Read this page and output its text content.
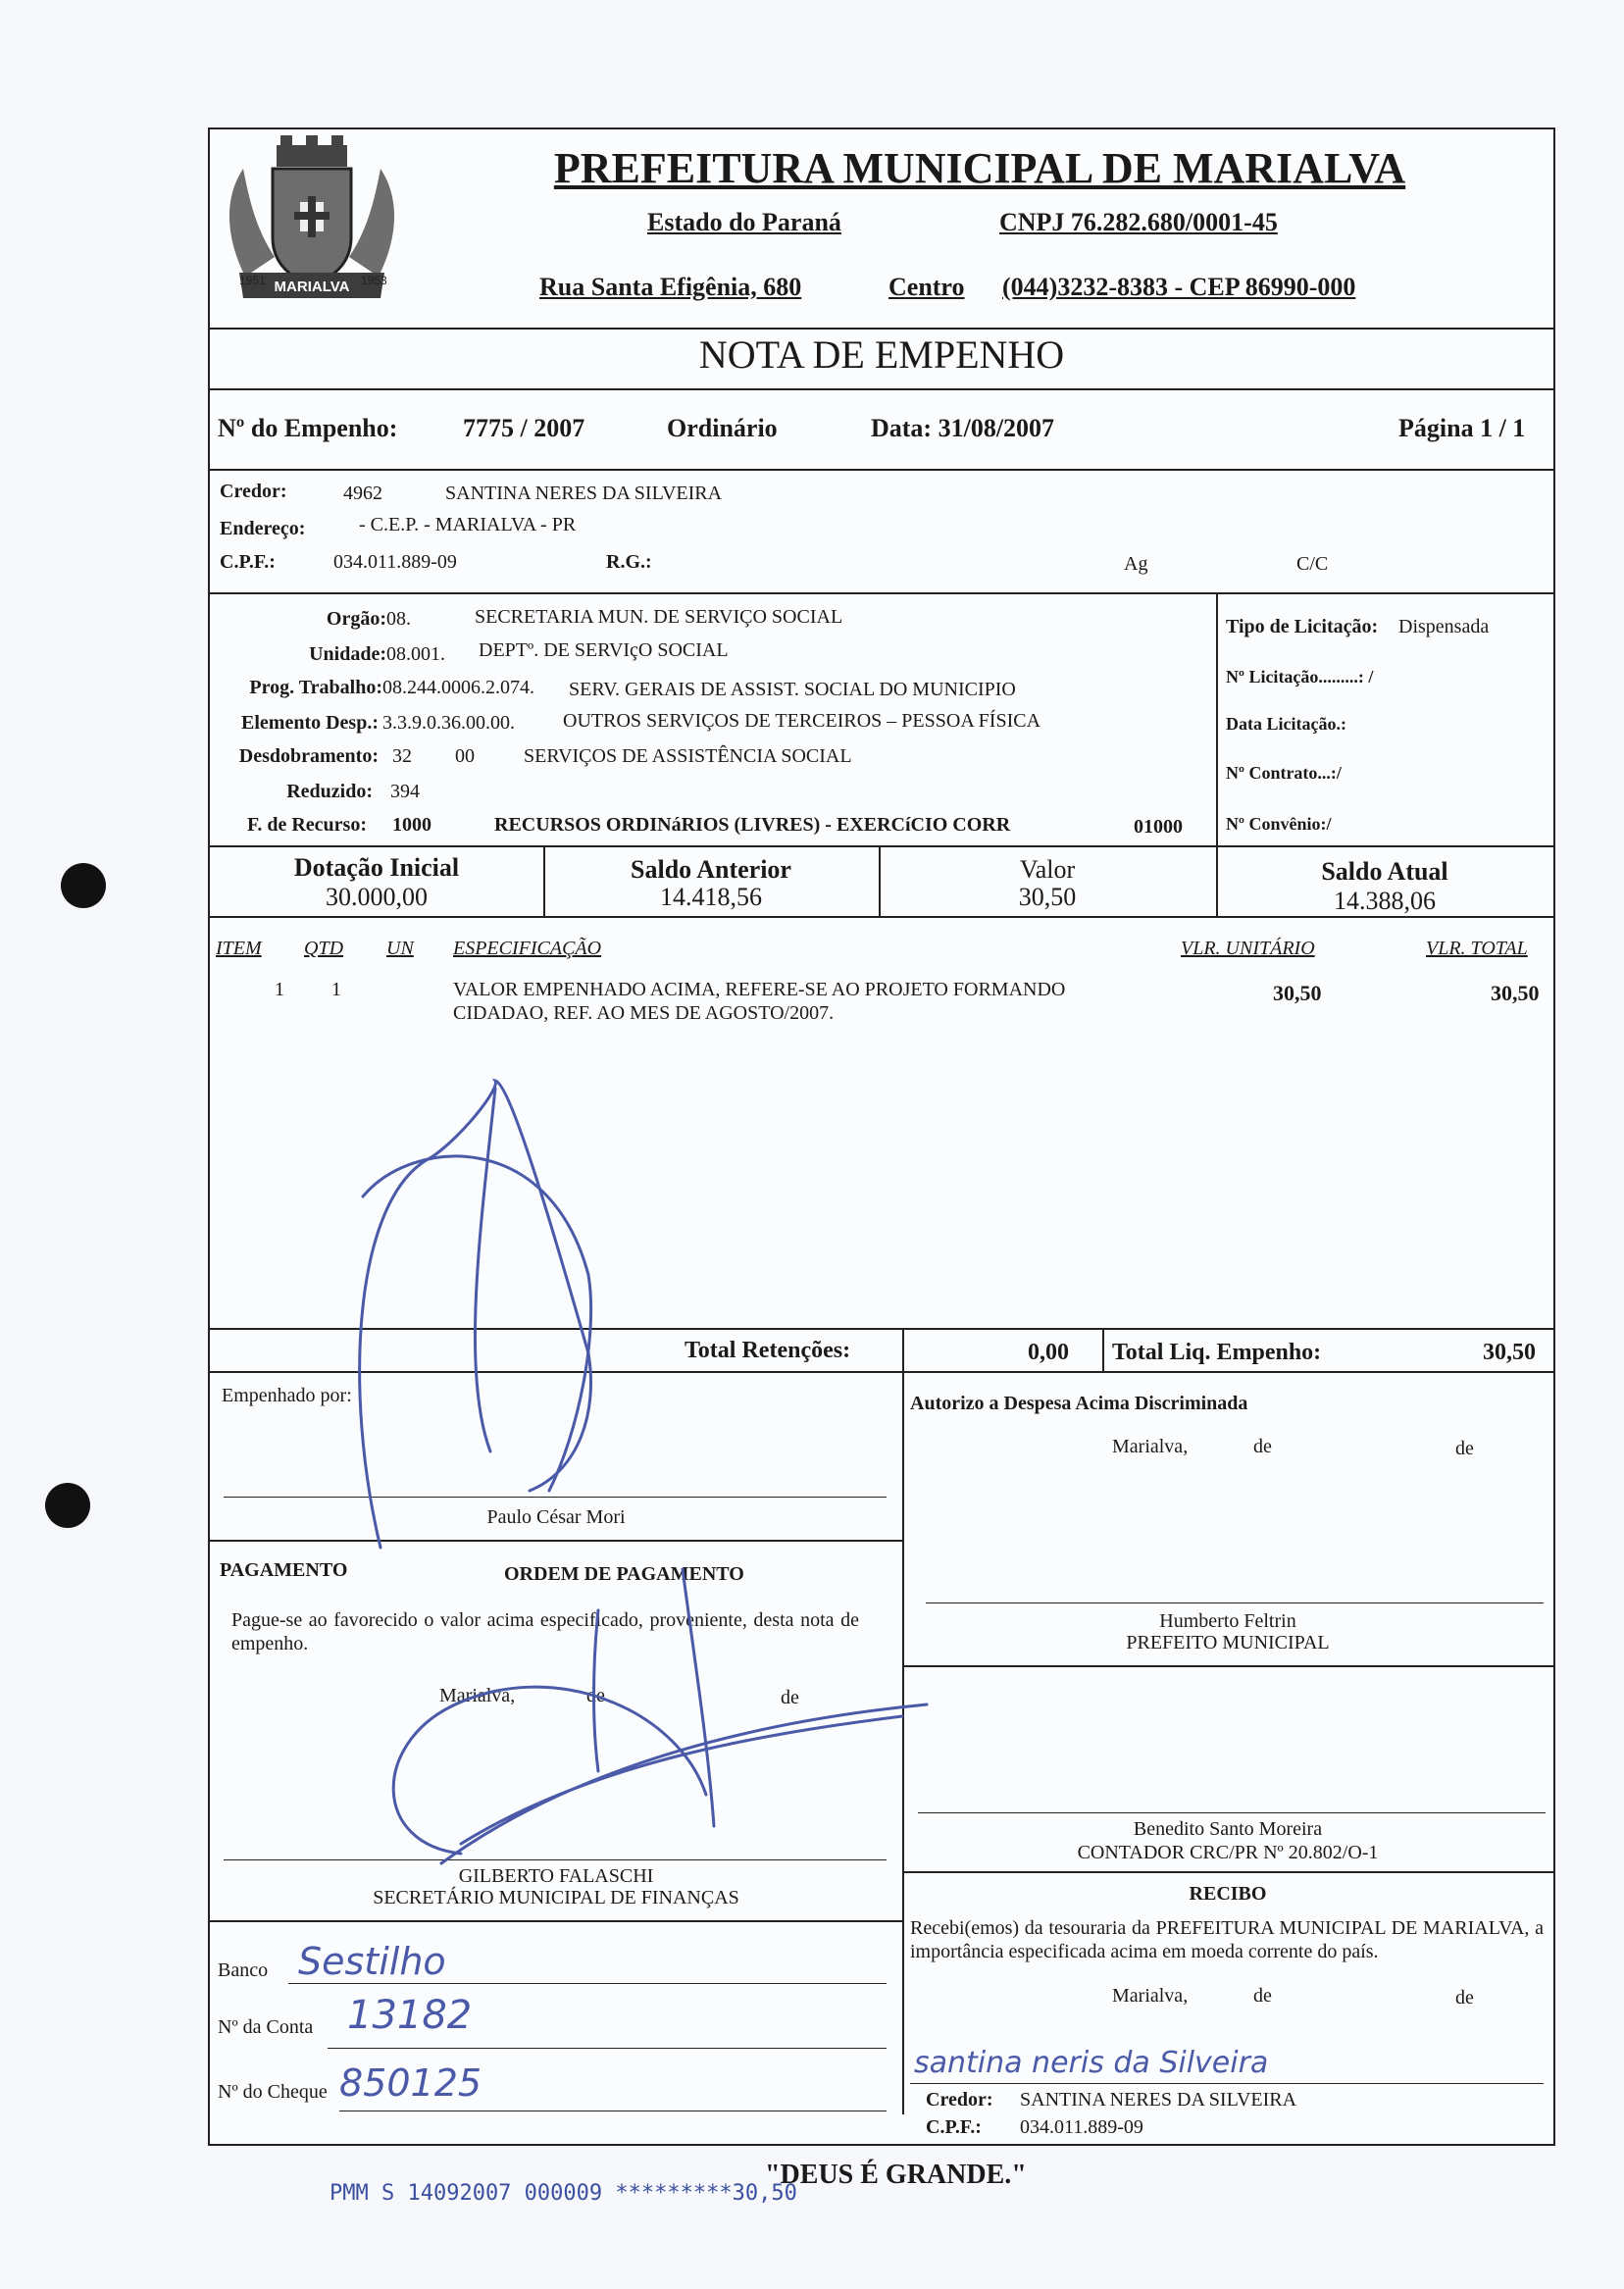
MARIALVA
1951	1953
PREFEITURA MUNICIPAL DE MARIALVA
Estado do Paraná	CNPJ 76.282.680/0001-45
Rua Santa Efigênia, 680	Centro (044)3232-8383 - CEP 86990-000
NOTA DE EMPENHO
Nº do Empenho:	7775 / 2007	Ordinário	Data: 31/08/2007	Página 1 / 1
Credor:	4962	SANTINA NERES DA SILVEIRA
Endereço:	- C.E.P. - MARIALVA - PR
C.P.F.:	034.011.889-09	R.G.:	Ag	C/C
Orgão: 08.	SECRETARIA MUN. DE SERVIÇO SOCIAL
Unidade: 08.001. DEPTº. DE SERVIçO SOCIAL
Prog. Trabalho: 08.244.0006.2.074. SERV. GERAIS DE ASSIST. SOCIAL DO MUNICIPIO
Elemento Desp.: 3.3.9.0.36.00.00. OUTROS SERVIÇOS DE TERCEIROS – PESSOA FÍSICA
Desdobramento: 32 00	SERVIÇOS DE ASSISTÊNCIA SOCIAL
Reduzido: 394
F. de Recurso: 1000	RECURSOS ORDINáRIOS (LIVRES) - EXERCíCIO CORR	01000
Tipo de Licitação: Dispensada
Nº Licitação.........: /
Data Licitação.:
Nº Contrato...:/
Nº Convênio:/
Dotação Inicial
30.000,00
Saldo Anterior
14.418,56
Valor
30,50
Saldo Atual
14.388,06
ITEM QTD UN ESPECIFICAÇÃO	VLR. UNITÁRIO	VLR. TOTAL
1 1	VALOR EMPENHADO ACIMA, REFERE-SE AO PROJETO FORMANDO
CIDADAO, REF. AO MES DE AGOSTO/2007.
30,50	30,50
Total Retenções:	0,00 Total Liq. Empenho:	30,50
Empenhado por:
Paulo César Mori
Autorizo a Despesa Acima Discriminada
Marialva,	de	de
Humberto Feltrin
PREFEITO MUNICIPAL
PAGAMENTO	ORDEM DE PAGAMENTO
Pague-se ao favorecido o valor acima especificado, proveniente, desta nota de empenho.
Marialva,	de	de
GILBERTO FALASCHI
SECRETÁRIO MUNICIPAL DE FINANÇAS
Benedito Santo Moreira
CONTADOR CRC/PR Nº 20.802/O-1
Banco Sestilho
Nº da Conta 13182
Nº do Cheque 850125
RECIBO
Recebi(emos) da tesouraria da PREFEITURA MUNICIPAL DE MARIALVA, a importância especificada acima em moeda corrente do país.
Marialva,	de	de
santina neris da Silveira
Credor: SANTINA NERES DA SILVEIRA
C.P.F.: 034.011.889-09
"DEUS É GRANDE."
PMM S 14092007 000009 *********30,50
